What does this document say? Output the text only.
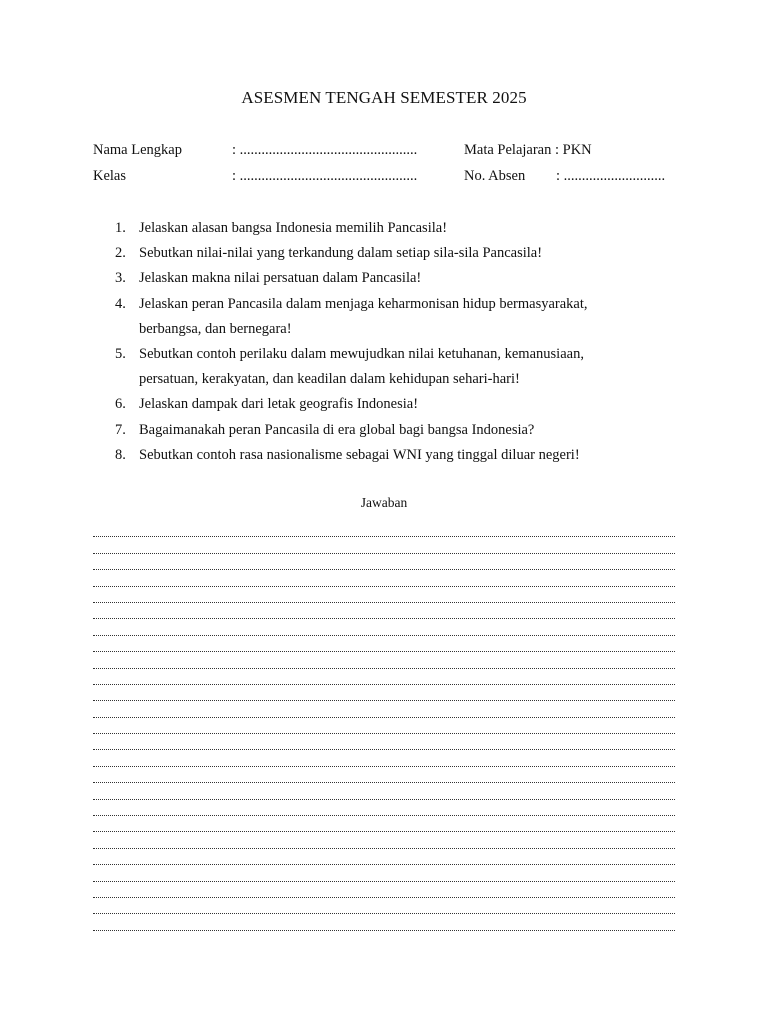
ASESMEN TENGAH SEMESTER 2025
Nama Lengkap	: .................................................	Mata Pelajaran : PKN
Kelas	: .................................................	No. Absen : ............................
1. Jelaskan alasan bangsa Indonesia memilih Pancasila!
2. Sebutkan nilai-nilai yang terkandung dalam setiap sila-sila Pancasila!
3. Jelaskan makna nilai persatuan dalam Pancasila!
4. Jelaskan peran Pancasila dalam menjaga keharmonisan hidup bermasyarakat,
berbangsa, dan bernegara!
5. Sebutkan contoh perilaku dalam mewujudkan nilai ketuhanan, kemanusiaan,
persatuan, kerakyatan, dan keadilan dalam kehidupan sehari-hari!
6. Jelaskan dampak dari letak geografis Indonesia!
7. Bagaimanakah peran Pancasila di era global bagi bangsa Indonesia?
8. Sebutkan contoh rasa nasionalisme sebagai WNI yang tinggal diluar negeri!
Jawaban
